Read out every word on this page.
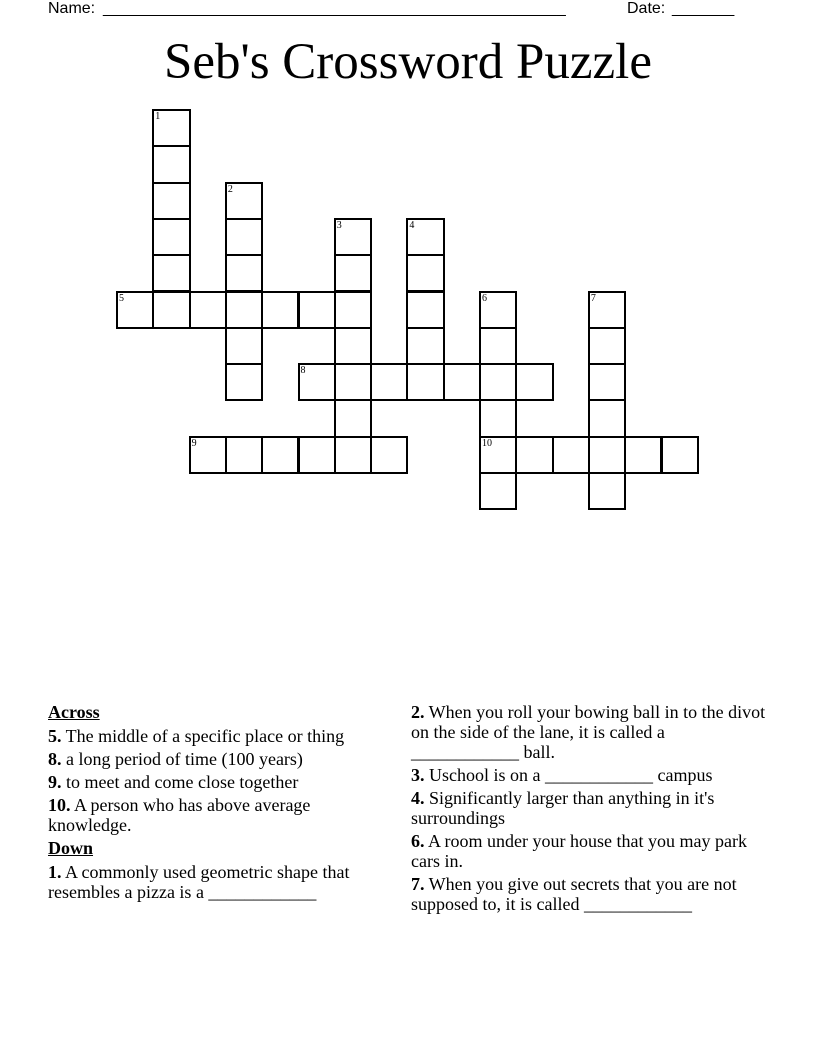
Name: ____________________________________________________	Date: _______
Seb's Crossword Puzzle
1
2
3	4
5	6
10
7
8
9
Across
5. The middle of a specific place or thing
8. a long period of time (100 years)
9. to meet and come close together
10. A person who has above average knowledge.
Down
1. A commonly used geometric shape that resembles a pizza is a ____________
2. When you roll your bowing ball in to the divot on the side of the lane, it is called a ____________ ball.
3. Uschool is on a ____________ campus
4. Significantly larger than anything in it's surroundings
6. A room under your house that you may park cars in.
7. When you give out secrets that you are not supposed to, it is called ____________
